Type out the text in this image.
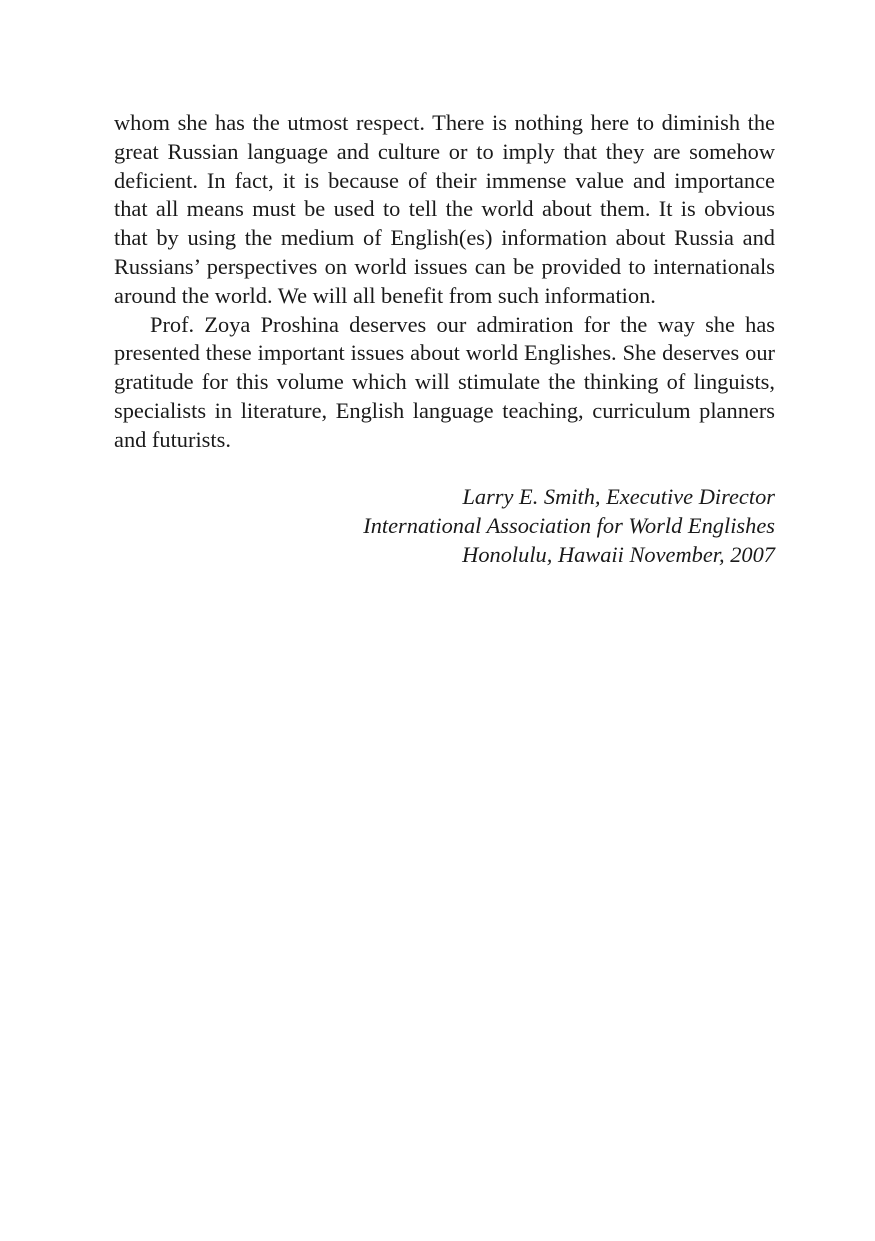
whom she has the utmost respect. There is nothing here to diminish the great Russian language and culture or to imply that they are somehow deficient. In fact, it is because of their immense value and importance that all means must be used to tell the world about them. It is obvious that by using the medium of English(es) information about Russia and Russians’ perspectives on world issues can be provided to internationals around the world. We will all benefit from such information.

Prof. Zoya Proshina deserves our admiration for the way she has presented these important issues about world Englishes. She deserves our gratitude for this volume which will stimulate the thinking of linguists, specialists in literature, English language teaching, curriculum planners and futurists.

Larry E. Smith, Executive Director
International Association for World Englishes
Honolulu, Hawaii November, 2007
